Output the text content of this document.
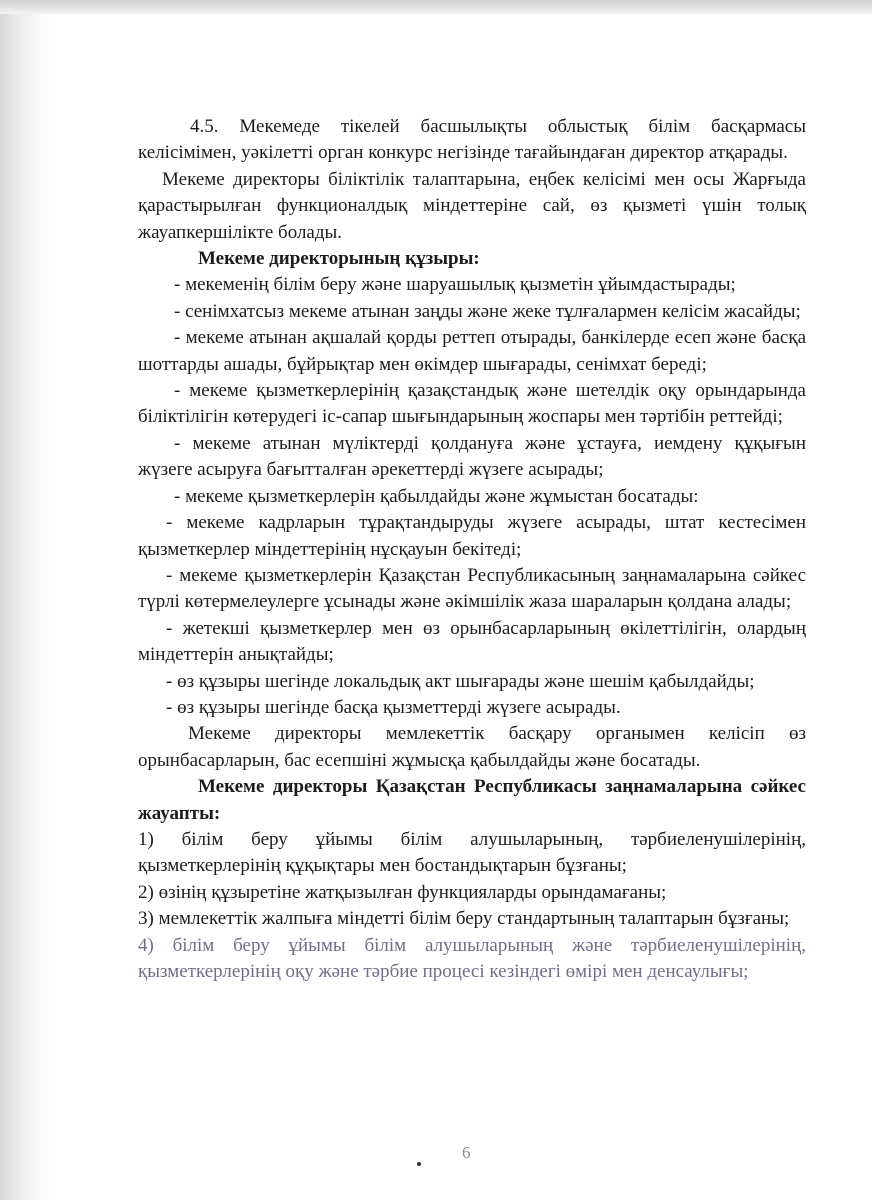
4.5. Мекемеде тікелей басшылықты облыстық білім басқармасы келісімімен, уәкілетті орган конкурс негізінде тағайындаған директор атқарады.

Мекеме директоры біліктілік талаптарына, еңбек келісімі мен осы Жарғыда қарастырылған функционалдық міндеттеріне сай, өз қызметі үшін толық жауапкершілікте болады.

Мекеме директорының құзыры:

- мекеменің білім беру және шаруашылық қызметін ұйымдастырады;

- сенімхатсыз мекеме атынан заңды және жеке тұлғалармен келісім жасайды;

- мекеме атынан ақшалай қорды реттеп отырады, банкілерде есеп және басқа шоттарды ашады, бұйрықтар мен өкімдер шығарады, сенімхат береді;

- мекеме қызметкерлерінің қазақстандық және шетелдік оқу орындарында біліктілігін көтерудегі іс-сапар шығындарының жоспары мен тәртібін реттейді;

- мекеме атынан мүліктерді қолдануға және ұстауға, иемдену құқығын жүзеге асыруға бағытталған әрекеттерді жүзеге асырады;

- мекеме қызметкерлерін қабылдайды және жұмыстан босатады:

- мекеме кадрларын тұрақтандыруды жүзеге асырады, штат кестесімен қызметкерлер міндеттерінің нұсқауын бекітеді;

- мекеме қызметкерлерін Қазақстан Республикасының заңнамаларына сәйкес түрлі көтермелеулерге ұсынады және әкімшілік жаза шараларын қолдана алады;

- жетекші қызметкерлер мен өз орынбасарларының өкілеттілігін, олардың міндеттерін анықтайды;

- өз құзыры шегінде локальдық акт шығарады және шешім қабылдайды;

- өз құзыры шегінде басқа қызметтерді жүзеге асырады.

Мекеме директоры мемлекеттік басқару органымен келісіп өз орынбасарларын, бас есепшіні жұмысқа қабылдайды және босатады.

Мекеме директоры Қазақстан Республикасы заңнамаларына сәйкес жауапты:

1) білім беру ұйымы білім алушыларының, тәрбиеленушілерінің, қызметкерлерінің құқықтары мен бостандықтарын бұзғаны;

2) өзінің құзыретіне жатқызылған функцияларды орындамағаны;

3) мемлекеттік жалпыға міндетті білім беру стандартының талаптарын бұзғаны;

4) білім беру ұйымы білім алушыларының және тәрбиеленушілерінің, қызметкерлерінің оқу және тәрбие процесі кезіндегі өмірі мен денсаулығы;

6
